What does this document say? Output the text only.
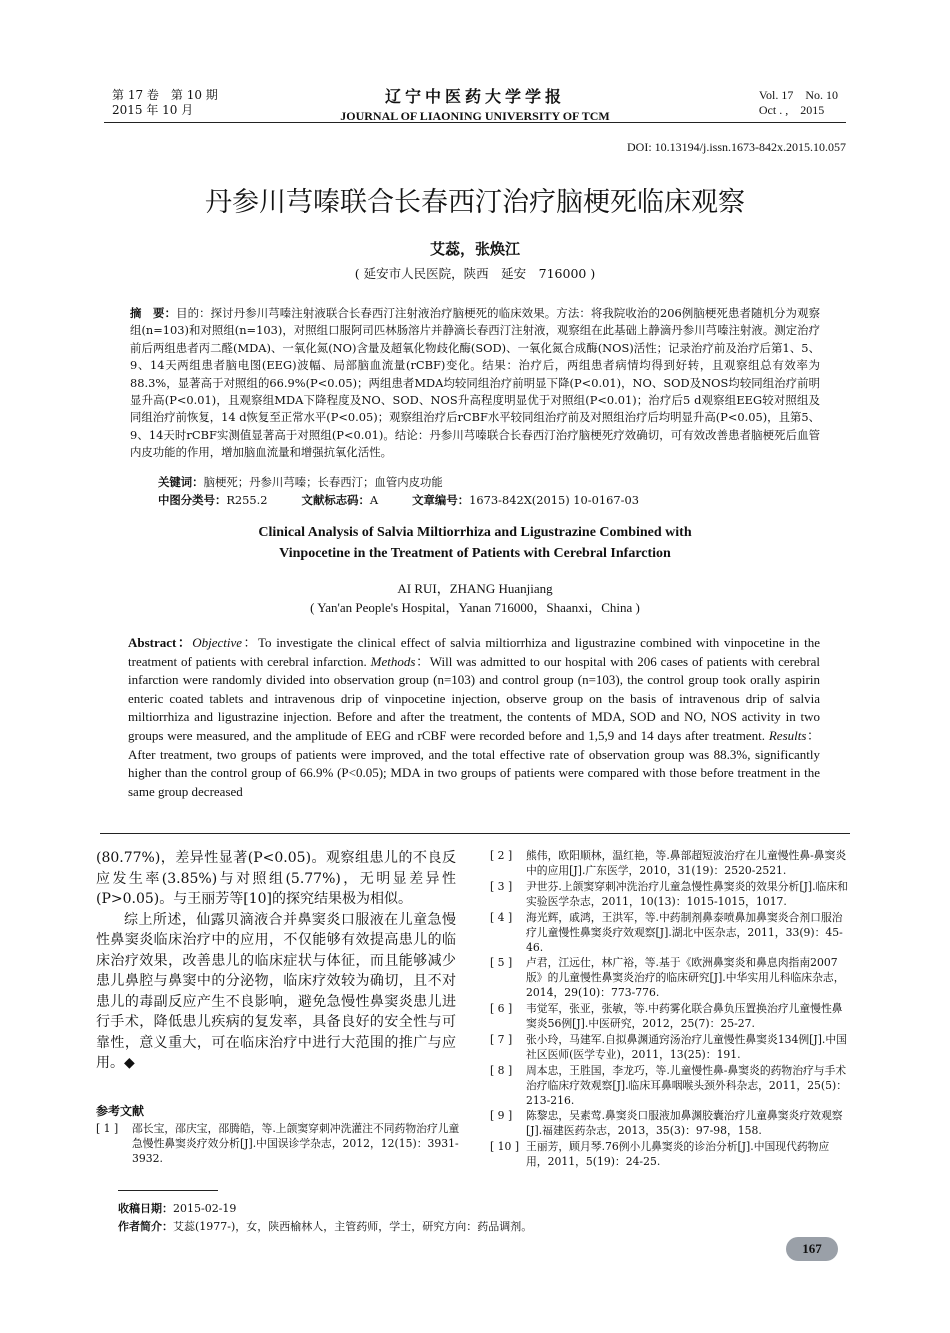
第 17 卷　第 10 期
2015 年 10 月
辽宁中医药大学学报
JOURNAL OF LIAONING UNIVERSITY OF TCM
Vol. 17　No. 10
Oct . ,　2015
DOI: 10.13194/j.issn.1673-842x.2015.10.057
丹参川芎嗪联合长春西汀治疗脑梗死临床观察
艾蕊，张焕江
( 延安市人民医院，陕西　延安　716000 )
摘　要：目的：探讨丹参川芎嗪注射液联合长春西汀注射液治疗脑梗死的临床效果。方法：将我院收治的206例脑梗死患者随机分为观察组(n=103)和对照组(n=103)，对照组口服阿司匹林肠溶片并静滴长春西汀注射液，观察组在此基础上静滴丹参川芎嗪注射液。测定治疗前后两组患者丙二醛(MDA)、一氧化氮(NO)含量及超氧化物歧化酶(SOD)、一氧化氮合成酶(NOS)活性；记录治疗前及治疗后第1、5、9、14天两组患者脑电图(EEG)波幅、局部脑血流量(rCBF)变化。结果：治疗后，两组患者病情均得到好转，且观察组总有效率为88.3%，显著高于对照组的66.9%(P<0.05)；两组患者MDA均较同组治疗前明显下降(P<0.01)，NO、SOD及NOS均较同组治疗前明显升高(P<0.01)，且观察组MDA下降程度及NO、SOD、NOS升高程度明显优于对照组(P<0.01)；治疗后5 d观察组EEG较对照组及同组治疗前恢复，14 d恢复至正常水平(P<0.05)；观察组治疗后rCBF水平较同组治疗前及对照组治疗后均明显升高(P<0.05)，且第5、9、14天时rCBF实测值显著高于对照组(P<0.01)。结论：丹参川芎嗪联合长春西汀治疗脑梗死疗效确切，可有效改善患者脑梗死后血管内皮功能的作用，增加脑血流量和增强抗氧化活性。
关键词：脑梗死；丹参川芎嗪；长春西汀；血管内皮功能
中图分类号：R255.2	文献标志码：A	文章编号：1673-842X(2015) 10-0167-03
Clinical Analysis of Salvia Miltiorrhiza and Ligustrazine Combined with
Vinpocetine in the Treatment of Patients with Cerebral Infarction
AI RUI，ZHANG Huanjiang
( Yan'an People's Hospital，Yanan 716000，Shaanxi，China )
Abstract：Objective：To investigate the clinical effect of salvia miltiorrhiza and ligustrazine combined with vinpocetine in the treatment of patients with cerebral infarction. Methods：Will was admitted to our hospital with 206 cases of patients with cerebral infarction were randomly divided into observation group (n=103) and control group (n=103), the control group took orally aspirin enteric coated tablets and intravenous drip of vinpocetine injection, observe group on the basis of intravenous drip of salvia miltiorrhiza and ligustrazine injection. Before and after the treatment, the contents of MDA, SOD and NO, NOS activity in two groups were measured, and the amplitude of EEG and rCBF were recorded before and 1,5,9 and 14 days after treatment. Results：After treatment, two groups of patients were improved, and the total effective rate of observation group was 88.3%, significantly higher than the control group of 66.9% (P<0.05); MDA in two groups of patients were compared with those before treatment in the same group decreased

(80.77%)，差异性显著(P<0.05)。观察组患儿的不良反应发生率(3.85%)与对照组(5.77%)，无明显差异性(P>0.05)。与王丽芳等[10]的探究结果极为相似。

综上所述，仙露贝滴液合并鼻窦炎口服液在儿童急慢性鼻窦炎临床治疗中的应用，不仅能够有效提高患儿的临床治疗效果，改善患儿的临床症状与体征，而且能够减少患儿鼻腔与鼻窦中的分泌物，临床疗效较为确切，且不对患儿的毒副反应产生不良影响，避免急慢性鼻窦炎患儿进行手术，降低患儿疾病的复发率，具备良好的安全性与可靠性，意义重大，可在临床治疗中进行大范围的推广与应用。◆

参考文献
[ 1 ] 邵长宝，邵庆宝，邵腾皓，等.上颌窦穿刺冲洗灌注不同药物治疗儿童急慢性鼻窦炎疗效分析[J].中国误诊学杂志，2012，12(15)：3931-3932.
[ 2 ] 熊伟，欧阳顺林，温红艳，等.鼻部超短波治疗在儿童慢性鼻-鼻窦炎中的应用[J].广东医学，2010，31(19)：2520-2521.
[ 3 ] 尹世芬.上颌窦穿刺冲洗治疗儿童急慢性鼻窦炎的效果分析[J].临床和实验医学杂志，2011，10(13)：1015-1015，1017.
[ 4 ] 海光辉，戚鸿，王洪军，等.中药制剂鼻泰喷鼻加鼻窦炎合剂口服治疗儿童慢性鼻窦炎疗效观察[J].湖北中医杂志，2011，33(9)：45-46.
[ 5 ] 卢君，江远仕，林广裕，等.基于《欧洲鼻窦炎和鼻息肉指南2007版》的儿童慢性鼻窦炎治疗的临床研究[J].中华实用儿科临床杂志，2014，29(10)：773-776.
[ 6 ] 韦觉军，张亚，张敏，等.中药雾化联合鼻负压置换治疗儿童慢性鼻窦炎56例[J].中医研究，2012，25(7)：25-27.
[ 7 ] 张小玲，马建军.自拟鼻渊通窍汤治疗儿童慢性鼻窦炎134例[J].中国社区医师(医学专业)，2011，13(25)：191.
[ 8 ] 周本忠，王胜国，李龙巧，等.儿童慢性鼻-鼻窦炎的药物治疗与手术治疗临床疗效观察[J].临床耳鼻咽喉头颈外科杂志，2011，25(5)：213-216.
[ 9 ] 陈黎忠，吴素莺.鼻窦炎口服液加鼻渊胶囊治疗儿童鼻窦炎疗效观察[J].福建医药杂志，2013，35(3)：97-98，158.
[ 10 ] 王丽芳，顾月琴.76例小儿鼻窦炎的诊治分析[J].中国现代药物应用，2011，5(19)：24-25.
收稿日期：2015-02-19
作者简介：艾蕊(1977-)，女，陕西榆林人，主管药师，学士，研究方向：药品调剂。
167
